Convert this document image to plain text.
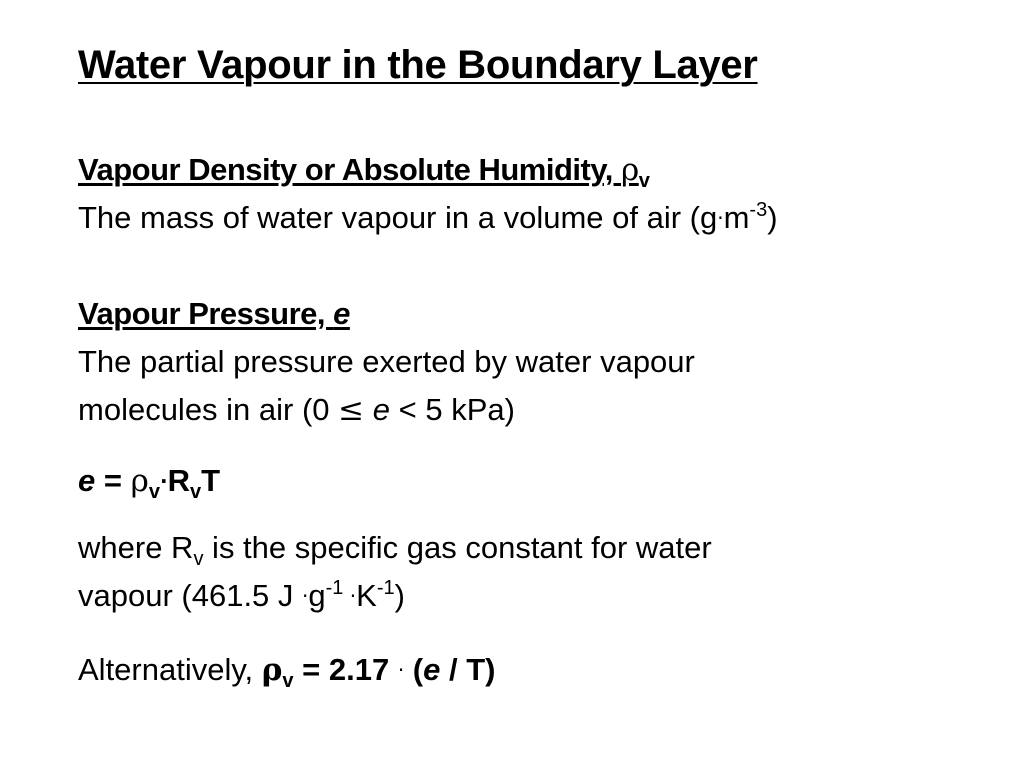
Water Vapour in the Boundary Layer
Vapour Density or Absolute Humidity, $\rho_v$
The mass of water vapour in a volume of air $(g\cdot m^{-3})$
Vapour Pressure, e
The partial pressure exerted by water vapour
molecules in air (0 ≤ e < 5 kPa)
$e = \rho_v\cdot R_vT$
where $R_v$ is the specific gas constant for water
vapour (461.5 $J \cdot g^{-1} \cdot K^{-1}$)
Alternatively, $\rho_v = 2.17 \cdot (e / T)$
